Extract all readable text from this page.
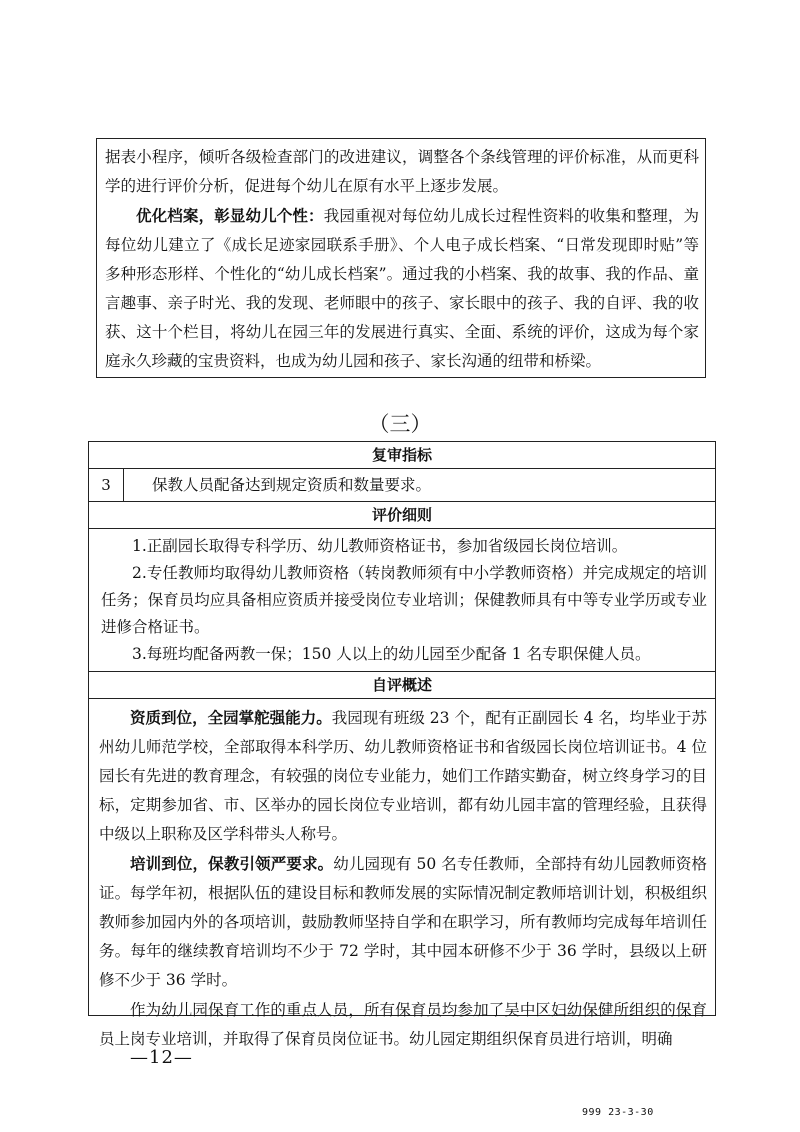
据表小程序，倾听各级检查部门的改进建议，调整各个条线管理的评价标准，从而更科学的进行评价分析，促进每个幼儿在原有水平上逐步发展。

优化档案，彰显幼儿个性：我园重视对每位幼儿成长过程性资料的收集和整理，为每位幼儿建立了《成长足迹家园联系手册》、个人电子成长档案、“日常发现即时贴”等多种形态形样、个性化的“幼儿成长档案”。通过我的小档案、我的故事、我的作品、童言趣事、亲子时光、我的发现、老师眼中的孩子、家长眼中的孩子、我的自评、我的收获、这十个栏目，将幼儿在园三年的发展进行真实、全面、系统的评价，这成为每个家庭永久珍藏的宝贵资料，也成为幼儿园和孩子、家长沟通的纽带和桥梁。

（三）
复审指标
3	保教人员配备达到规定资质和数量要求。
评价细则

1.正副园长取得专科学历、幼儿教师资格证书，参加省级园长岗位培训。

2.专任教师均取得幼儿教师资格（转岗教师须有中小学教师资格）并完成规定的培训任务；保育员均应具备相应资质并接受岗位专业培训；保健教师具有中等专业学历或专业进修合格证书。

3.每班均配备两教一保；150 人以上的幼儿园至少配备 1 名专职保健人员。

自评概述

资质到位，全园掌舵强能力。我园现有班级 23 个，配有正副园长 4 名，均毕业于苏州幼儿师范学校，全部取得本科学历、幼儿教师资格证书和省级园长岗位培训证书。4 位园长有先进的教育理念，有较强的岗位专业能力，她们工作踏实勤奋，树立终身学习的目标，定期参加省、市、区举办的园长岗位专业培训，都有幼儿园丰富的管理经验，且获得中级以上职称及区学科带头人称号。

培训到位，保教引领严要求。幼儿园现有 50 名专任教师，全部持有幼儿园教师资格证。每学年初，根据队伍的建设目标和教师发展的实际情况制定教师培训计划，积极组织教师参加园内外的各项培训，鼓励教师坚持自学和在职学习，所有教师均完成每年培训任务。每年的继续教育培训均不少于 72 学时，其中园本研修不少于 36 学时，县级以上研修不少于 36 学时。

作为幼儿园保育工作的重点人员，所有保育员均参加了吴中区妇幼保健所组织的保育员上岗专业培训，并取得了保育员岗位证书。幼儿园定期组织保育员进行培训，明确

—12—
999 23-3-30
